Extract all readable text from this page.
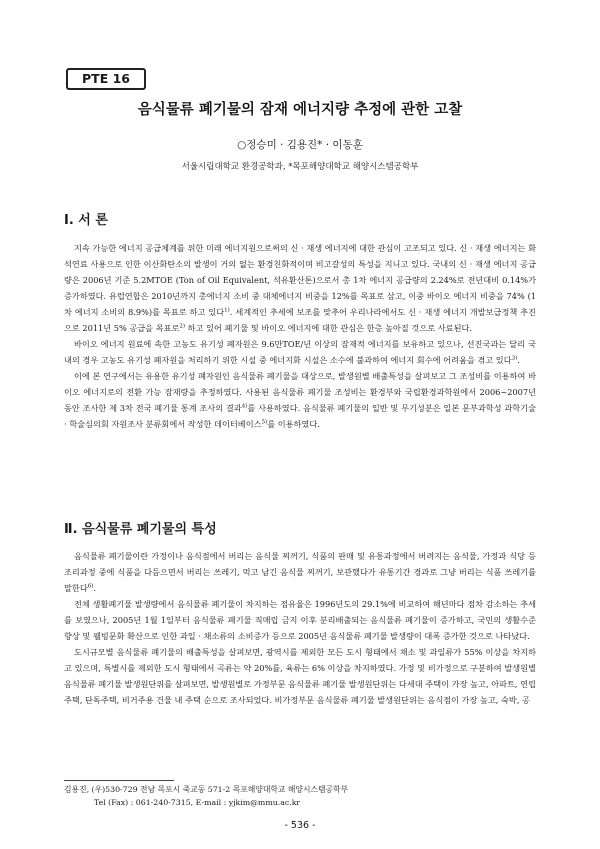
PTE 16
음식물류 폐기물의 잠재 에너지량 추정에 관한 고찰
○정승미 · 김용진* · 이동훈
서울시립대학교 환경공학과, *목포해양대학교 해양시스템공학부
Ⅰ. 서 론

지속 가능한 에너지 공급체계를 위한 미래 에너지원으로써의 신 · 재생 에너지에 대한 관심이 고조되고 있다. 신 · 재생 에너지는 화석연료 사용으로 인한 이산화탄소의 발생이 거의 없는 환경친화적이며 비고갈성의 특성을 지니고 있다. 국내의 신 · 재생 에너지 공급량은 2006년 기준 5.2MTOE (Ton of Oil Equivalent, 석유환산톤)으로서 총 1차 에너지 공급량의 2.24%로 전년대비 0.14%가 증가하였다. 유럽연합은 2010년까지 총에너지 소비 중 대체에너지 비중을 12%를 목표로 삼고, 이중 바이오 에너지 비중을 74% (1차 에너지 소비의 8.9%)를 목표로 하고 있다$^{1)}$. 세계적인 추세에 보조를 맞추어 우리나라에서도 신 · 재생 에너지 개발보급정책 추진으로 2011년 5% 공급을 목표로$^{2)}$ 하고 있어 폐기물 및 바이오 에너지에 대한 관심은 한층 높아질 것으로 사료된다.

바이오 에너지 원료에 속한 고농도 유기성 폐자원은 9.6만TOE/년 이상의 잠재적 에너지를 보유하고 있으나, 선진국과는 달리 국내의 경우 고농도 유기성 폐자원을 처리하기 위한 시설 중 에너지화 시설은 소수에 불과하여 에너지 회수에 어려움을 겪고 있다$^{3)}$.

이에 본 연구에서는 유용한 유기성 폐자원인 음식물류 폐기물을 대상으로, 발생원별 배출특성을 살펴보고 그 조성비를 이용하여 바이오 에너지로의 전환 가능 잠재량을 추정하였다. 사용된 음식물류 폐기물 조성비는 환경부와 국립환경과학원에서 2006~2007년 동안 조사한 제 3차 전국 폐기물 통계 조사의 결과$^{4)}$를 사용하였다. 음식물류 폐기물의 일반 및 무기성분은 일본 문부과학성 과학기술 · 학술심의회 자원조사 분류회에서 작성한 데이터베이스$^{5)}$를 이용하였다.

Ⅱ. 음식물류 폐기물의 특성

음식물류 폐기물이란 가정이나 음식점에서 버리는 음식물 찌꺼기, 식품의 판매 및 유통과정에서 버려지는 음식물, 가정과 식당 등 조리과정 중에 식품을 다듬으면서 버리는 쓰레기, 먹고 남긴 음식물 찌꺼기, 보관했다가 유통기간 경과로 그냥 버리는 식품 쓰레기를 말한다$^{6)}$.

전체 생활폐기물 발생량에서 음식물류 폐기물이 차지하는 점유율은 1996년도의 29.1%에 비교하여 해년마다 점차 감소하는 추세를 보였으나, 2005년 1월 1일부터 음식물류 폐기물 직매립 금지 이후 분리배출되는 음식물류 폐기물이 증가하고, 국민의 생활수준 향상 및 웰빙문화 확산으로 인한 과일 · 채소류의 소비증가 등으로 2005년 음식물류 폐기물 발생량이 대폭 증가한 것으로 나타났다.

도시규모별 음식물류 폐기물의 배출특성을 살펴보면, 광역시를 제외한 모든 도시 형태에서 채소 및 과일류가 55% 이상을 차지하고 있으며, 특별시를 제외한 도시 형태에서 곡류는 약 20%를, 육류는 6% 이상을 차지하였다. 가정 및 비가정으로 구분하여 발생원별 음식물류 폐기물 발생원단위를 살펴보면, 발생원별로 가정부문 음식물류 폐기물 발생원단위는 다세대 주택이 가장 높고, 아파트, 연립주택, 단독주택, 비거주용 건물 내 주택 순으로 조사되었다. 비가정부문 음식물류 폐기물 발생원단위는 음식점이 가장 높고, 숙박, 공

김용진, (우)530-729 전남 목포시 죽교동 571-2 목포해양대학교 해양시스템공학부
Tel (Fax) : 061-240-7315, E-mail : yjkim@mmu.ac.kr
- 536 -
